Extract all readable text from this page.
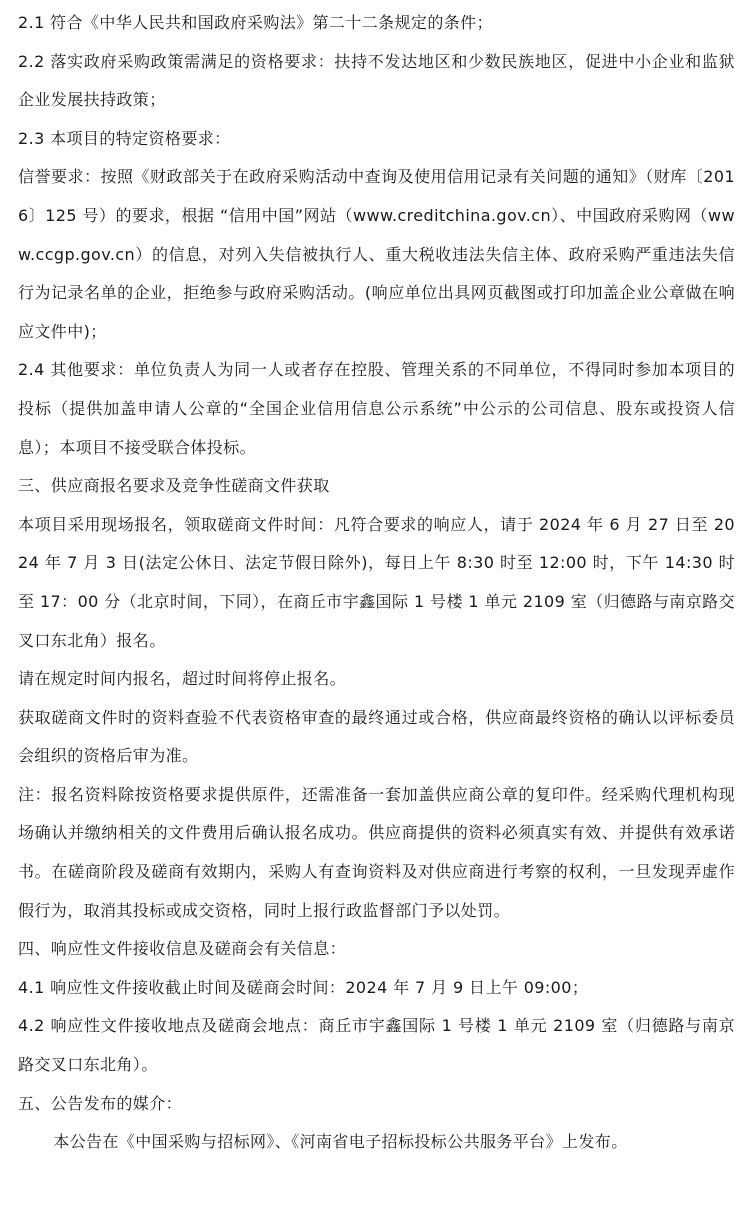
2.1 符合《中华人民共和国政府采购法》第二十二条规定的条件；

2.2 落实政府采购政策需满足的资格要求：扶持不发达地区和少数民族地区，促进中小企业和监狱企业发展扶持政策；

2.3 本项目的特定资格要求：

信誉要求：按照《财政部关于在政府采购活动中查询及使用信用记录有关问题的通知》（财库〔2016〕125 号）的要求，根据 “信用中国”网站（www.creditchina.gov.cn）、中国政府采购网（www.ccgp.gov.cn）的信息，对列入失信被执行人、重大税收违法失信主体、政府采购严重违法失信行为记录名单的企业，拒绝参与政府采购活动。(响应单位出具网页截图或打印加盖企业公章做在响应文件中)；

2.4 其他要求：单位负责人为同一人或者存在控股、管理关系的不同单位，不得同时参加本项目的投标（提供加盖申请人公章的“全国企业信用信息公示系统”中公示的公司信息、股东或投资人信息）；本项目不接受联合体投标。

三、供应商报名要求及竞争性磋商文件获取

本项目采用现场报名，领取磋商文件时间：凡符合要求的响应人，请于 2024 年 6 月 27 日至 2024 年 7 月 3 日(法定公休日、法定节假日除外)，每日上午 8:30 时至 12:00 时，下午 14:30 时至 17：00 分（北京时间，下同），在商丘市宇鑫国际 1 号楼 1 单元 2109 室（归德路与南京路交叉口东北角）报名。

请在规定时间内报名，超过时间将停止报名。

获取磋商文件时的资料查验不代表资格审查的最终通过或合格，供应商最终资格的确认以评标委员会组织的资格后审为准。

注：报名资料除按资格要求提供原件，还需准备一套加盖供应商公章的复印件。经采购代理机构现场确认并缴纳相关的文件费用后确认报名成功。供应商提供的资料必须真实有效、并提供有效承诺书。在磋商阶段及磋商有效期内，采购人有查询资料及对供应商进行考察的权利，一旦发现弄虚作假行为，取消其投标或成交资格，同时上报行政监督部门予以处罚。

四、响应性文件接收信息及磋商会有关信息：

4.1 响应性文件接收截止时间及磋商会时间：2024 年 7 月 9 日上午 09:00；

4.2 响应性文件接收地点及磋商会地点：商丘市宇鑫国际 1 号楼 1 单元 2109 室（归德路与南京路交叉口东北角）。

五、公告发布的媒介：

本公告在《中国采购与招标网》、《河南省电子招标投标公共服务平台》上发布。
